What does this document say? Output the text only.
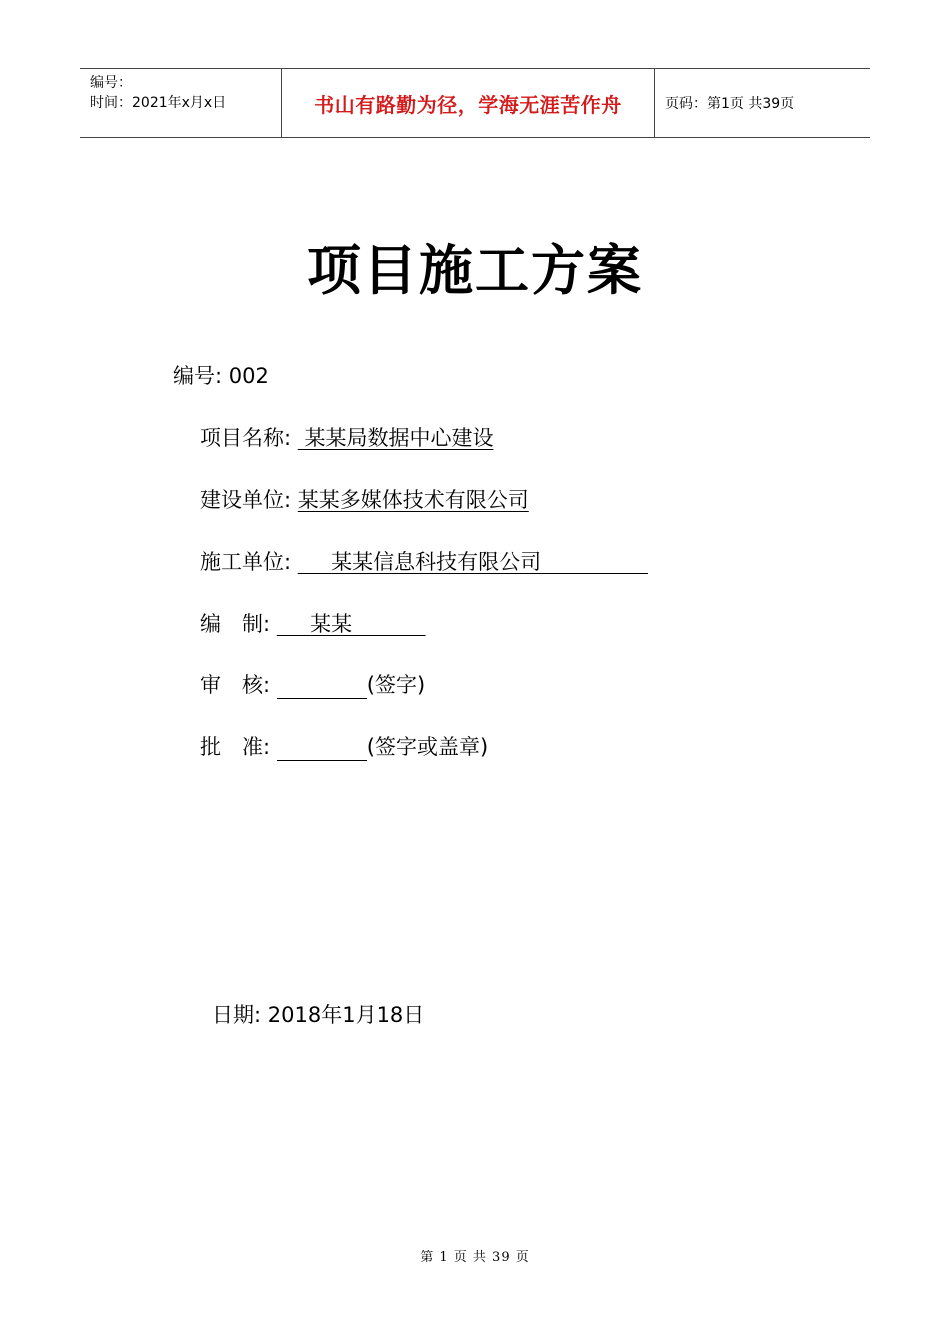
编号：
时间：2021年x月x日	书山有路勤为径，学海无涯苦作舟	页码：第1页 共39页
项目施工方案
编号: 002
项目名称: 某某局数据中心建设
建设单位: 某某多媒体技术有限公司
施工单位: 某某信息科技有限公司
编　制: 某某
审　核:	(签字)
批　准:	(签字或盖章)
日期: 2018年1月18日
第 1 页 共 39 页
